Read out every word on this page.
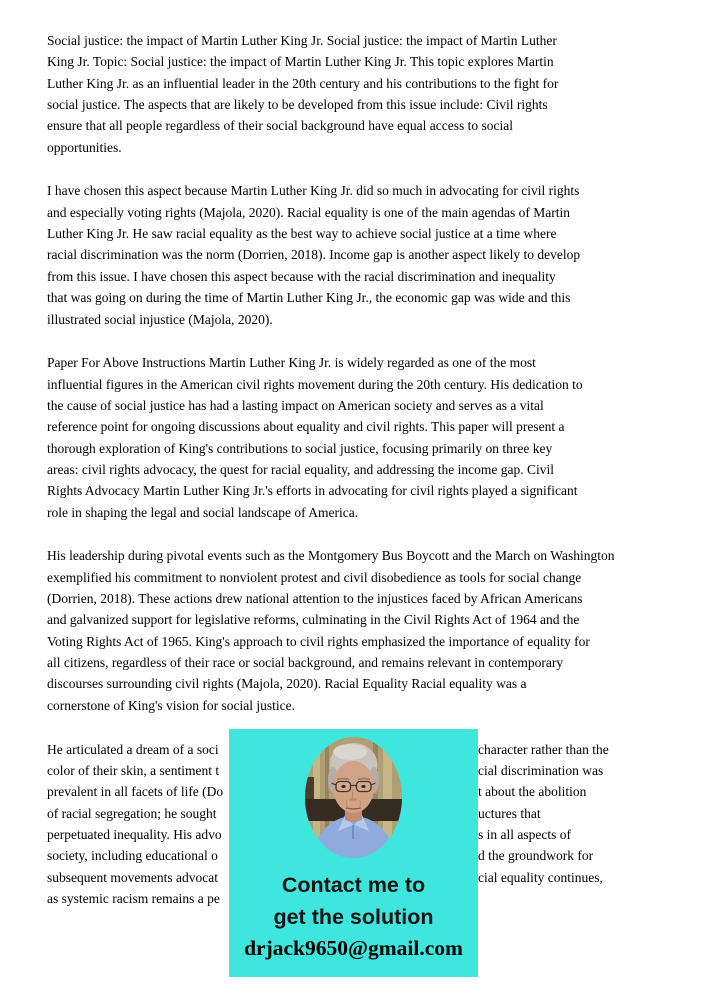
Social justice: the impact of Martin Luther King Jr. Social justice: the impact of Martin Luther
King Jr. Topic: Social justice: the impact of Martin Luther King Jr. This topic explores Martin
Luther King Jr. as an influential leader in the 20th century and his contributions to the fight for
social justice. The aspects that are likely to be developed from this issue include: Civil rights
ensure that all people regardless of their social background have equal access to social
opportunities.
I have chosen this aspect because Martin Luther King Jr. did so much in advocating for civil rights
and especially voting rights (Majola, 2020). Racial equality is one of the main agendas of Martin
Luther King Jr. He saw racial equality as the best way to achieve social justice at a time where
racial discrimination was the norm (Dorrien, 2018). Income gap is another aspect likely to develop
from this issue. I have chosen this aspect because with the racial discrimination and inequality
that was going on during the time of Martin Luther King Jr., the economic gap was wide and this
illustrated social injustice (Majola, 2020).
Paper For Above Instructions Martin Luther King Jr. is widely regarded as one of the most
influential figures in the American civil rights movement during the 20th century. His dedication to
the cause of social justice has had a lasting impact on American society and serves as a vital
reference point for ongoing discussions about equality and civil rights. This paper will present a
thorough exploration of King's contributions to social justice, focusing primarily on three key
areas: civil rights advocacy, the quest for racial equality, and addressing the income gap. Civil
Rights Advocacy Martin Luther King Jr.'s efforts in advocating for civil rights played a significant
role in shaping the legal and social landscape of America.
His leadership during pivotal events such as the Montgomery Bus Boycott and the March on Washington
exemplified his commitment to nonviolent protest and civil disobedience as tools for social change
(Dorrien, 2018). These actions drew national attention to the injustices faced by African Americans
and galvanized support for legislative reforms, culminating in the Civil Rights Act of 1964 and the
Voting Rights Act of 1965. King's approach to civil rights emphasized the importance of equality for
all citizens, regardless of their race or social background, and remains relevant in contemporary
discourses surrounding civil rights (Majola, 2020). Racial Equality Racial equality was a
cornerstone of King's vision for social justice.
He articulated a dream of a soci	character rather than the
color of their skin, a sentiment t	cial discrimination was
prevalent in all facets of life (Do	t about the abolition
of racial segregation; he sought	uctures that
perpetuated inequality. His advo	s in all aspects of
society, including educational o	d the groundwork for
subsequent movements advocat	cial equality continues,
as systemic racism remains a pe
Contact me to
get the solution
drjack9650@gmail.com
